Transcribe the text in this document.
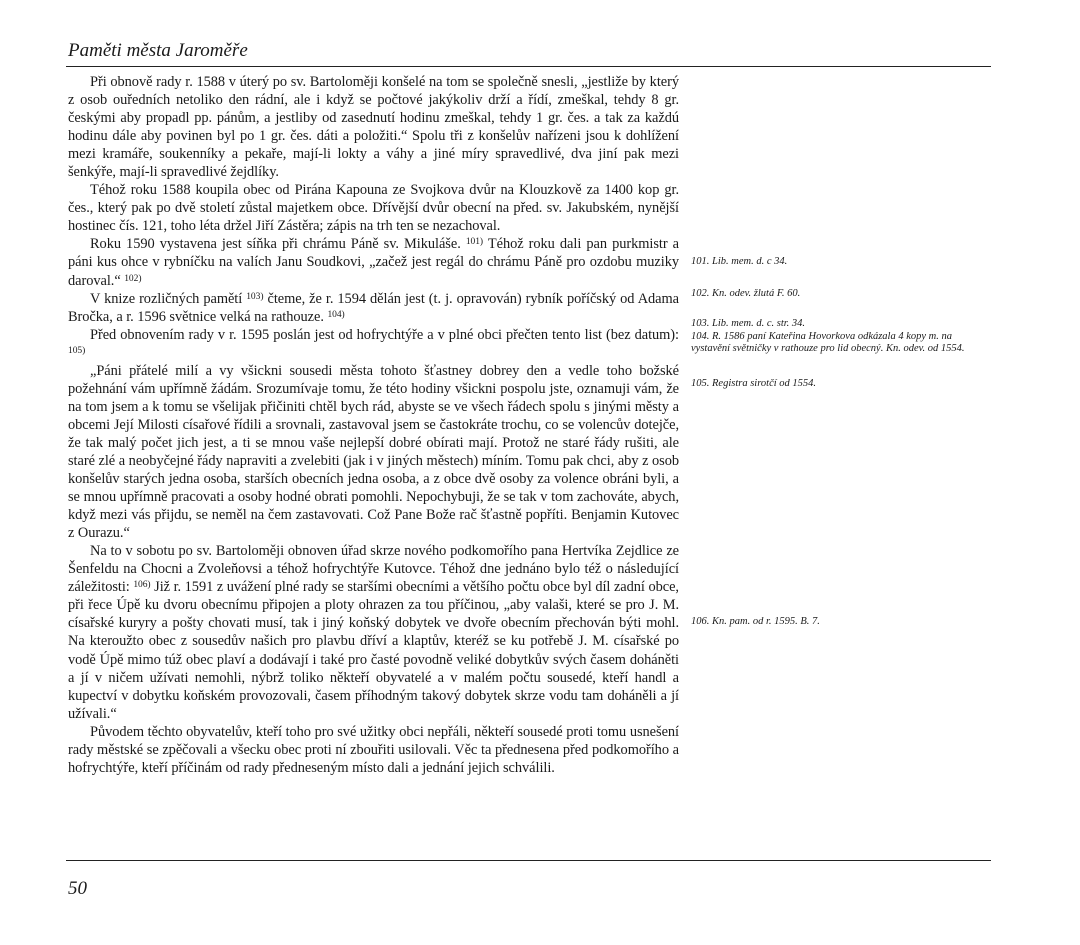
Paměti města Jaroměře

Při obnově rady r. 1588 v úterý po sv. Bartoloměji konšelé na tom se společně snesli, „jestliže by který z osob ouředních netoliko den rádní, ale i když se počtové jakýkoliv drží a řídí, zmeškal, tehdy 8 gr. českými aby propadl pp. pánům, a jestliby od zasednutí hodinu zmeškal, tehdy 1 gr. čes. a tak za každú hodinu dále aby povinen byl po 1 gr. čes. dáti a položiti.“ Spolu tři z konšelův nařízeni jsou k dohlížení mezi kramáře, soukenníky a pekaře, mají-li lokty a váhy a jiné míry spravedlivé, dva jiní pak mezi šenkýře, mají-li spravedlivé žejdlíky.

Téhož roku 1588 koupila obec od Pirána Kapouna ze Svojkova dvůr na Klouzkově za 1400 kop gr. čes., který pak po dvě století zůstal majetkem obce. Dřívější dvůr obecní na před. sv. Jakubském, nynější hostinec čís. 121, toho léta držel Jiří Zástěra; zápis na trh ten se nezachoval.

Roku 1590 vystavena jest síňka při chrámu Páně sv. Mikuláše. $^{101)}$ Téhož roku dali pan purkmistr a páni kus ohce v rybníčku na valích Janu Soudkovi, „začež jest regál do chrámu Páně pro ozdobu muziky daroval.“ $^{102)}$

V knize rozličných pamětí $^{103)}$ čteme, že r. 1594 dělán jest (t. j. opravován) rybník poříčský od Adama Bročka, a r. 1596 světnice velká na rathouze. $^{104)}$

Před obnovením rady v r. 1595 poslán jest od hofrychtýře a v plné obci přečten tento list (bez datum): $^{105)}$

„Páni přátelé milí a vy všickni sousedi města tohoto šťastney dobrey den a vedle toho božské požehnání vám upřímně žádám. Srozumívaje tomu, že této hodiny všickni pospolu jste, oznamuji vám, že na tom jsem a k tomu se všelijak přičiniti chtěl bych rád, abyste se ve všech řádech spolu s jinými městy a obcemi Její Milosti císařové řídili a srovnali, zastavoval jsem se častokráte trochu, co se volencův dotejče, že tak malý počet jich jest, a ti se mnou vaše nejlepší dobré obírati mají. Protož ne staré řády rušiti, ale staré zlé a neobyčejné řády napraviti a zvelebiti (jak i v jiných městech) míním. Tomu pak chci, aby z osob konšelův starých jedna osoba, starších obecních jedna osoba, a z obce dvě osoby za volence obráni byli, a se mnou upřímně pracovati a osoby hodné obrati pomohli. Nepochybuji, že se tak v tom zachováte, abych, když mezi vás přijdu, se neměl na čem zastavovati. Což Pane Bože rač šťastně popříti. Benjamin Kutovec z Ourazu.“

Na to v sobotu po sv. Bartoloměji obnoven úřad skrze nového podkomořího pana Hertvíka Zejdlice ze Šenfeldu na Chocni a Zvoleňovsi a téhož hofrychtýře Kutovce. Téhož dne jednáno bylo též o následující záležitosti: $^{106)}$ Již r. 1591 z uvážení plné rady se staršími obecními a většího počtu obce byl díl zadní obce, při řece Úpě ku dvoru obecnímu připojen a ploty ohrazen za tou příčinou, „aby valaši, které se pro J. M. císařské kuryry a pošty chovati musí, tak i jiný koňský dobytek ve dvoře obecním přechován býti mohl. Na kteroužto obec z sousedův našich pro plavbu dříví a klaptův, kteréž se ku potřebě J. M. císařské po vodě Úpě mimo túž obec plaví a dodávají i také pro časté povodně veliké dobytkův svých časem doháněti a jí v ničem užívati nemohli, nýbrž toliko někteří obyvatelé a v malém počtu sousedé, kteří handl a kupectví v dobytku koňském provozovali, časem příhodným takový dobytek skrze vodu tam doháněli a jí užívali.“

Původem těchto obyvatelův, kteří toho pro své užitky obci nepřáli, někteří sousedé proti tomu usnešení rady městské se zpěčovali a všecku obec proti ní zbouřiti usilovali. Věc ta přednesena před podkomořího a hofrychtýře, kteří příčinám od rady předneseným místo dali a jednání jejich schválili.

101. Lib. mem. d. c 34.
102. Kn. odev. žlutá F. 60.
103. Lib. mem. d. c. str. 34.
104. R. 1586 paní Kateřina Hovorkova odkázala 4 kopy m. na vystavění světničky v rathouze pro lid obecný. Kn. odev. od 1554.
105. Registra sirotčí od 1554.
106. Kn. pam. od r. 1595. B. 7.
50
